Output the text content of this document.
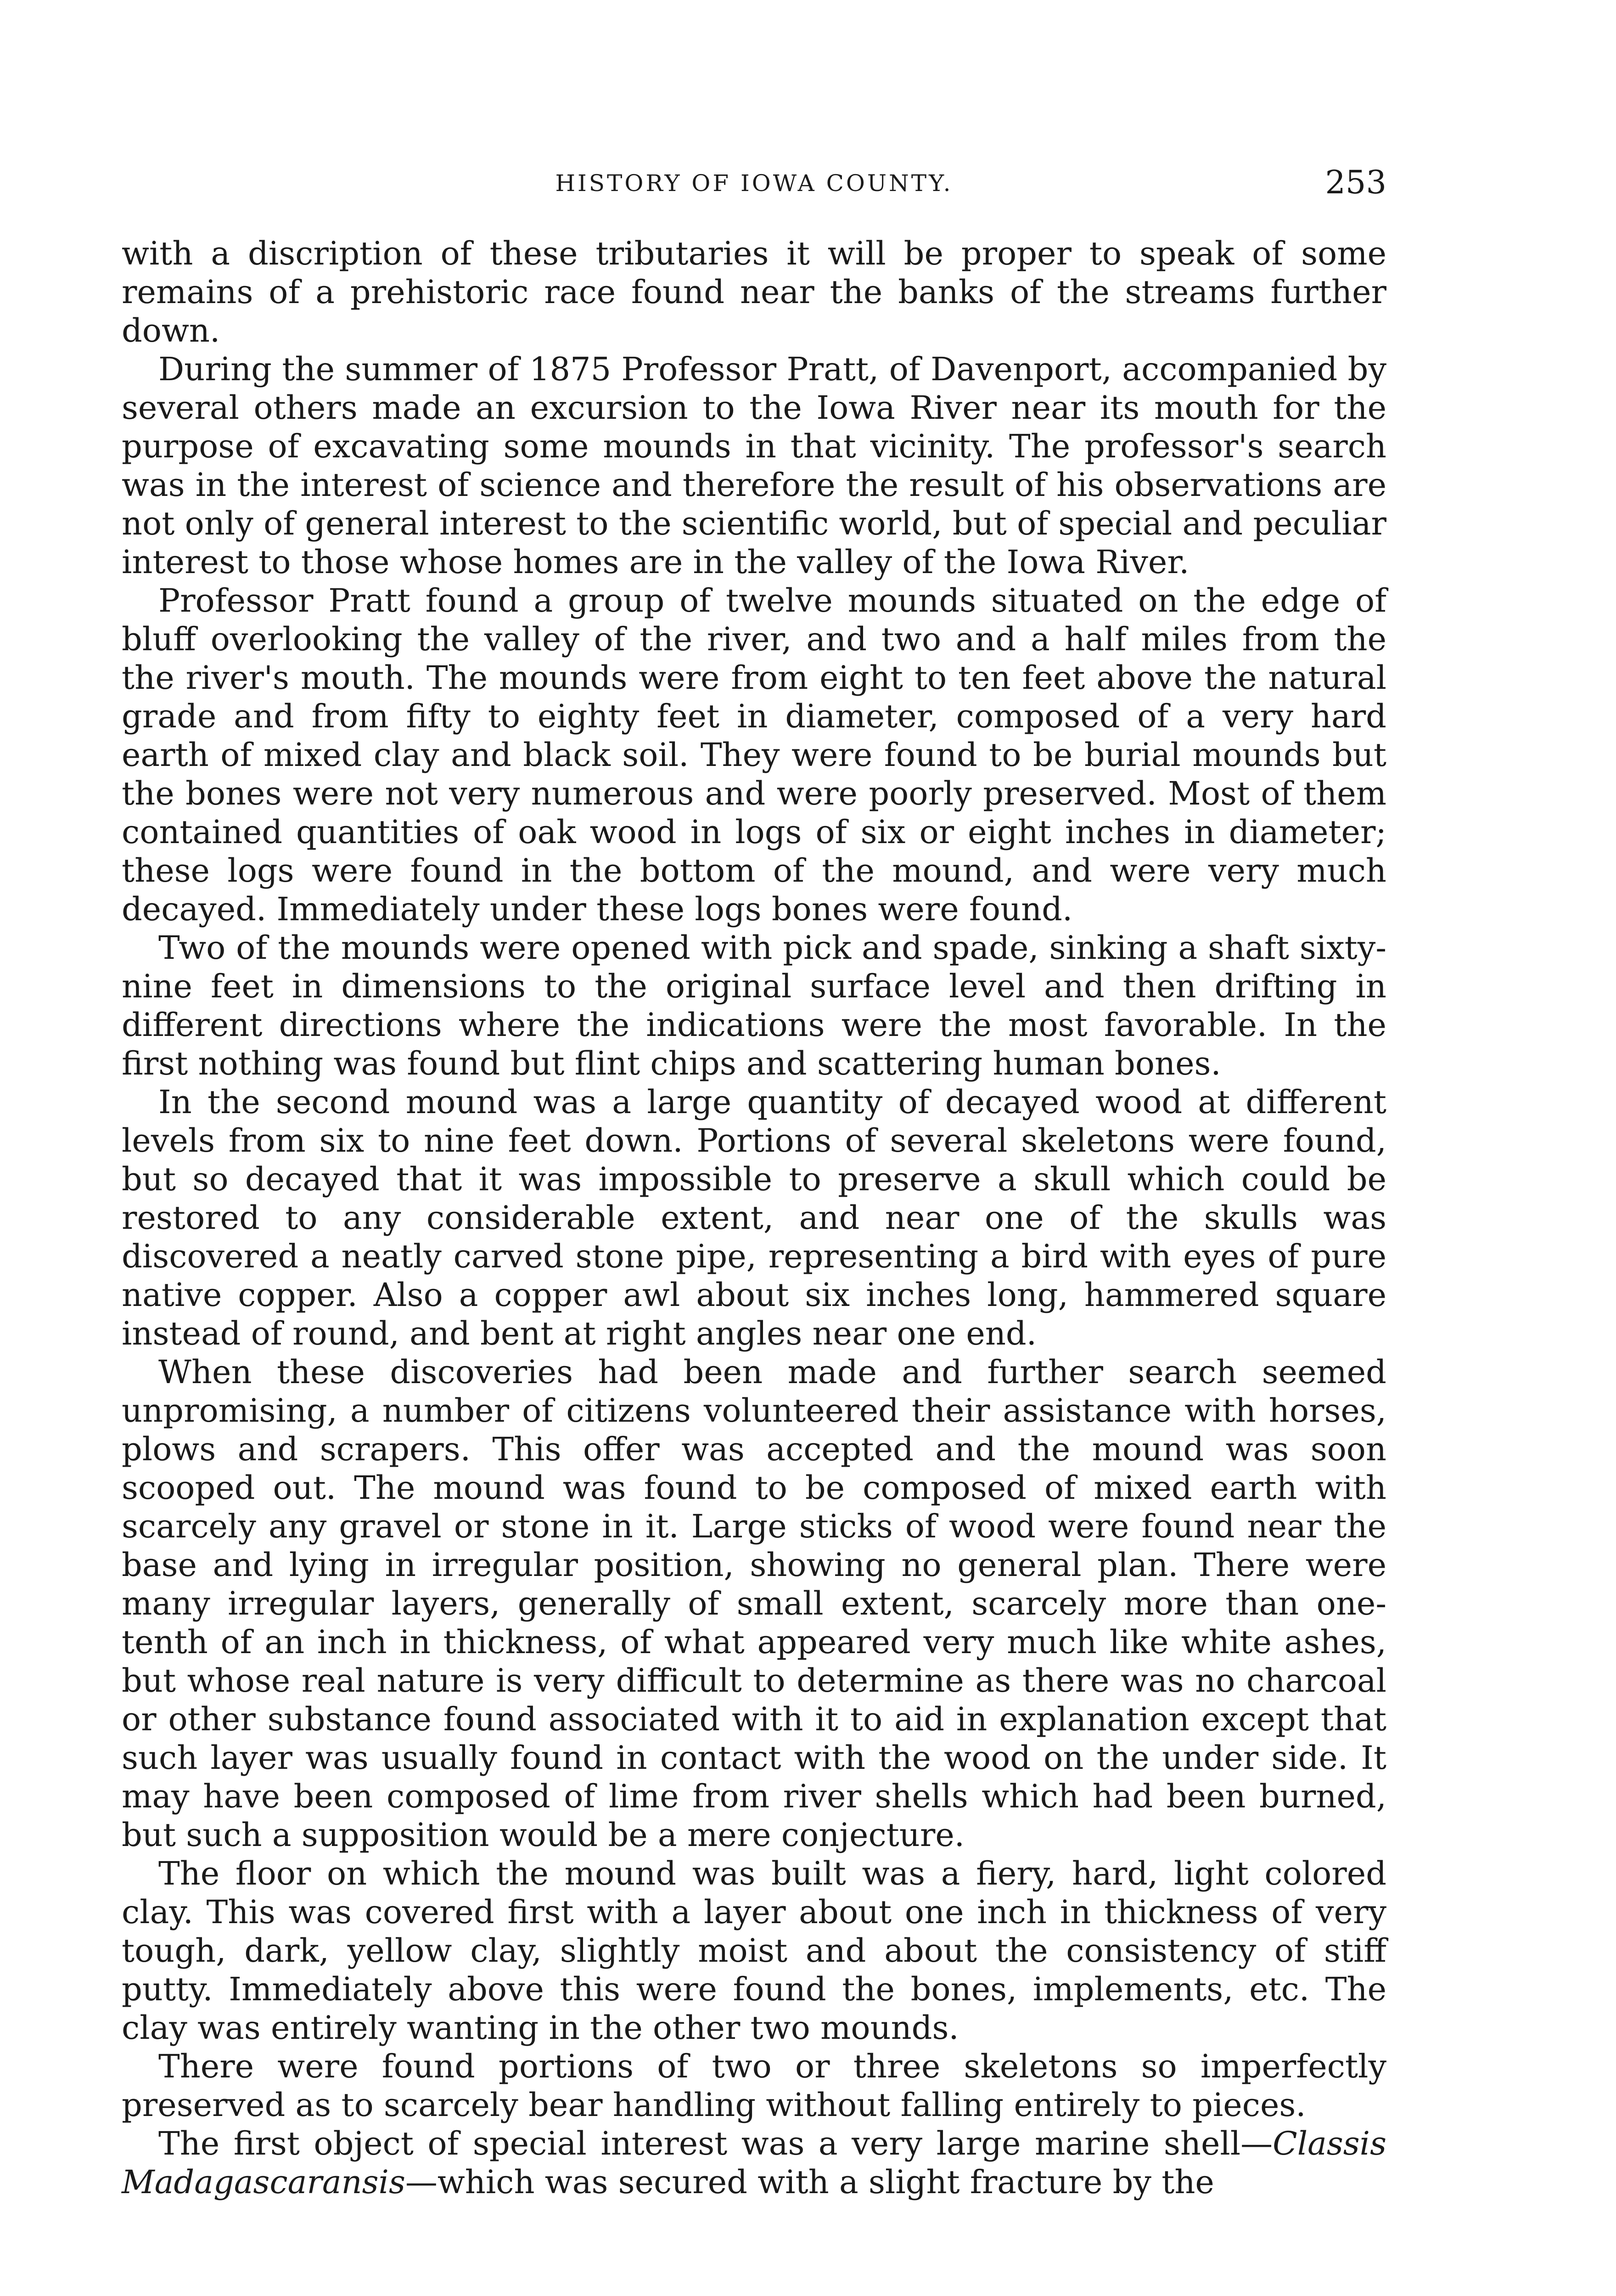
HISTORY OF IOWA COUNTY.	253

with a discription of these tributaries it will be proper to speak of some remains of a prehistoric race found near the banks of the streams further down.

During the summer of 1875 Professor Pratt, of Davenport, accompanied by several others made an excursion to the Iowa River near its mouth for the purpose of excavating some mounds in that vicinity. The professor's search was in the interest of science and therefore the result of his observations are not only of general interest to the scientific world, but of special and peculiar interest to those whose homes are in the valley of the Iowa River.

Professor Pratt found a group of twelve mounds situated on the edge of bluff overlooking the valley of the river, and two and a half miles from the the river's mouth. The mounds were from eight to ten feet above the natural grade and from fifty to eighty feet in diameter, composed of a very hard earth of mixed clay and black soil. They were found to be burial mounds but the bones were not very numerous and were poorly preserved. Most of them contained quantities of oak wood in logs of six or eight inches in diameter; these logs were found in the bottom of the mound, and were very much decayed. Immediately under these logs bones were found.

Two of the mounds were opened with pick and spade, sinking a shaft sixty-nine feet in dimensions to the original surface level and then drifting in different directions where the indications were the most favorable. In the first nothing was found but flint chips and scattering human bones.

In the second mound was a large quantity of decayed wood at different levels from six to nine feet down. Portions of several skeletons were found, but so decayed that it was impossible to preserve a skull which could be restored to any considerable extent, and near one of the skulls was discovered a neatly carved stone pipe, representing a bird with eyes of pure native copper. Also a copper awl about six inches long, hammered square instead of round, and bent at right angles near one end.

When these discoveries had been made and further search seemed unpromising, a number of citizens volunteered their assistance with horses, plows and scrapers. This offer was accepted and the mound was soon scooped out. The mound was found to be composed of mixed earth with scarcely any gravel or stone in it. Large sticks of wood were found near the base and lying in irregular position, showing no general plan. There were many irregular layers, generally of small extent, scarcely more than one-tenth of an inch in thickness, of what appeared very much like white ashes, but whose real nature is very difficult to determine as there was no charcoal or other substance found associated with it to aid in explanation except that such layer was usually found in contact with the wood on the under side. It may have been composed of lime from river shells which had been burned, but such a supposition would be a mere conjecture.

The floor on which the mound was built was a fiery, hard, light colored clay. This was covered first with a layer about one inch in thickness of very tough, dark, yellow clay, slightly moist and about the consistency of stiff putty. Immediately above this were found the bones, implements, etc. The clay was entirely wanting in the other two mounds.

There were found portions of two or three skeletons so imperfectly preserved as to scarcely bear handling without falling entirely to pieces.

The first object of special interest was a very large marine shell—Classis Madagascaransis—which was secured with a slight fracture by the
